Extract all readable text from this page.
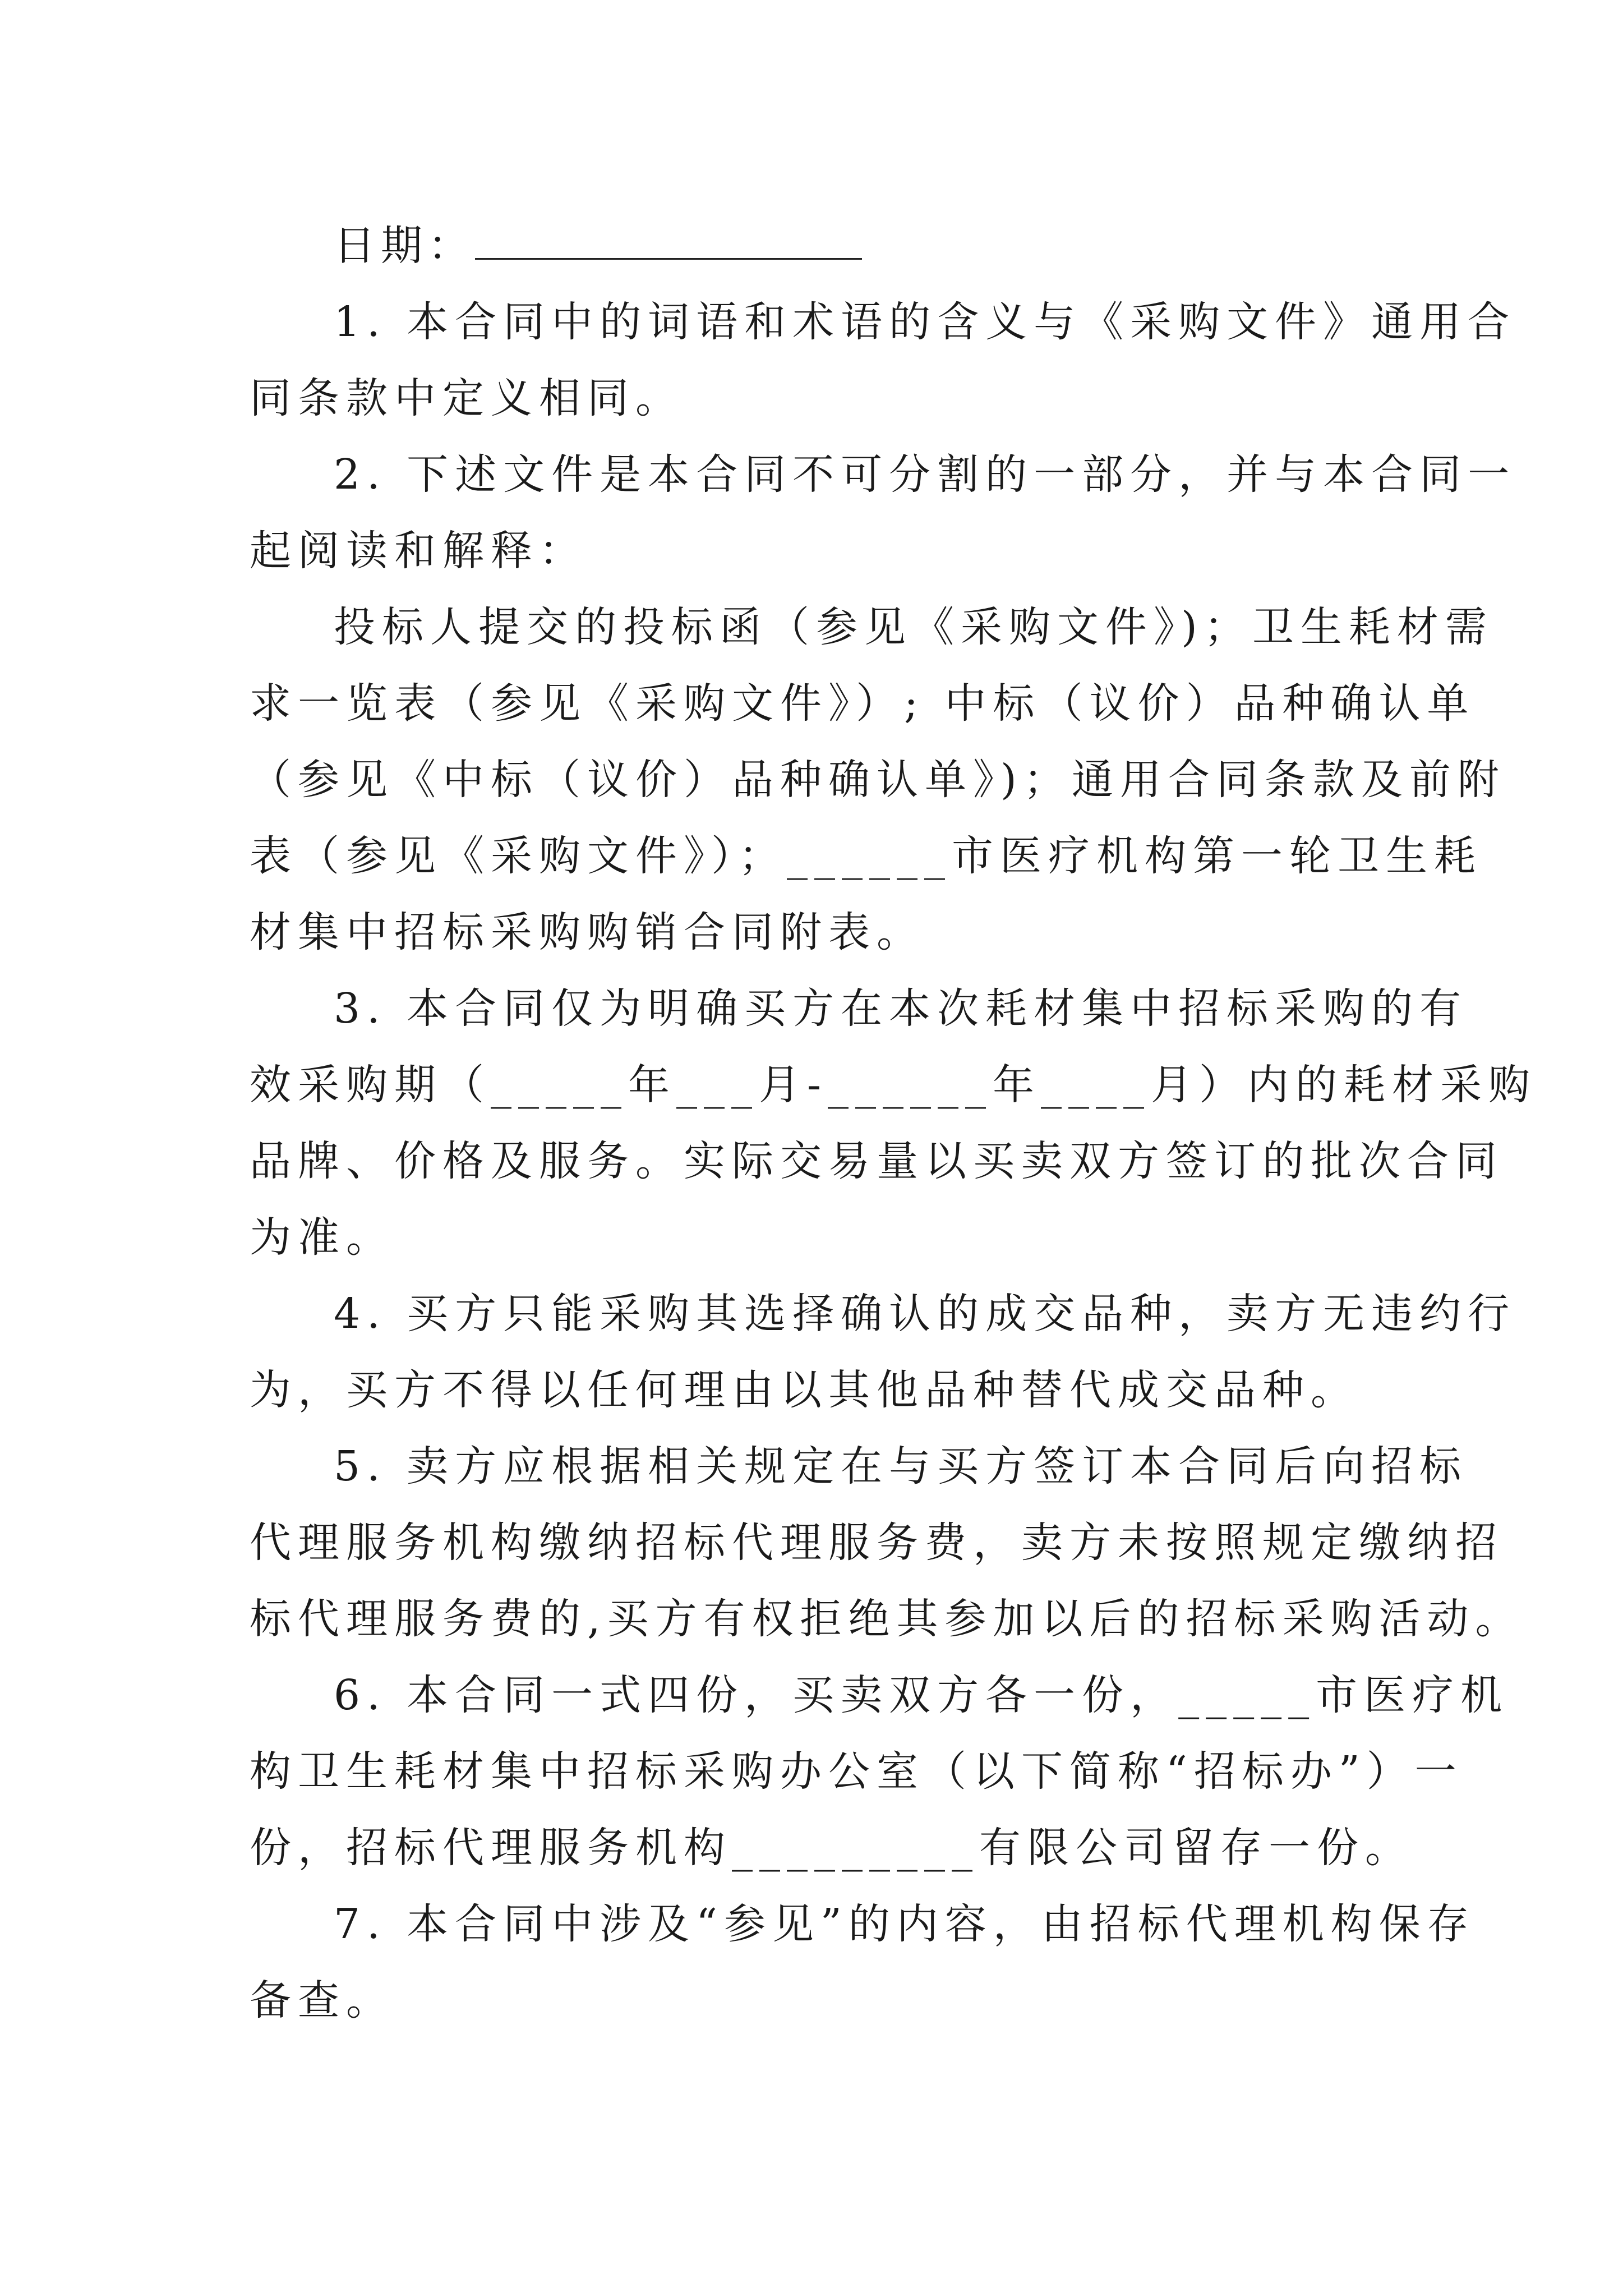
日期：
1. 本合同中的词语和术语的含义与《采购文件》通用合
同条款中定义相同。
2. 下述文件是本合同不可分割的一部分，并与本合同一
起阅读和解释：
投标人提交的投标函（参见《采购文件》)；卫生耗材需
求一览表（参见《采购文件》）; 中标（议价）品种确认单
（参见《中标（议价）品种确认单》)；通用合同条款及前附
表（参见《采购文件》）；______市医疗机构第一轮卫生耗
材集中招标采购购销合同附表。
3. 本合同仅为明确买方在本次耗材集中招标采购的有
效采购期（_____年___月-______年____月）内的耗材采购
品牌、价格及服务。实际交易量以买卖双方签订的批次合同
为准。
4. 买方只能采购其选择确认的成交品种，卖方无违约行
为，买方不得以任何理由以其他品种替代成交品种。
5. 卖方应根据相关规定在与买方签订本合同后向招标
代理服务机构缴纳招标代理服务费，卖方未按照规定缴纳招
标代理服务费的,买方有权拒绝其参加以后的招标采购活动。
6. 本合同一式四份，买卖双方各一份，_____市医疗机
构卫生耗材集中招标采购办公室（以下简称“招标办”）一
份，招标代理服务机构_________有限公司留存一份。
7. 本合同中涉及“参见”的内容，由招标代理机构保存
备查。
